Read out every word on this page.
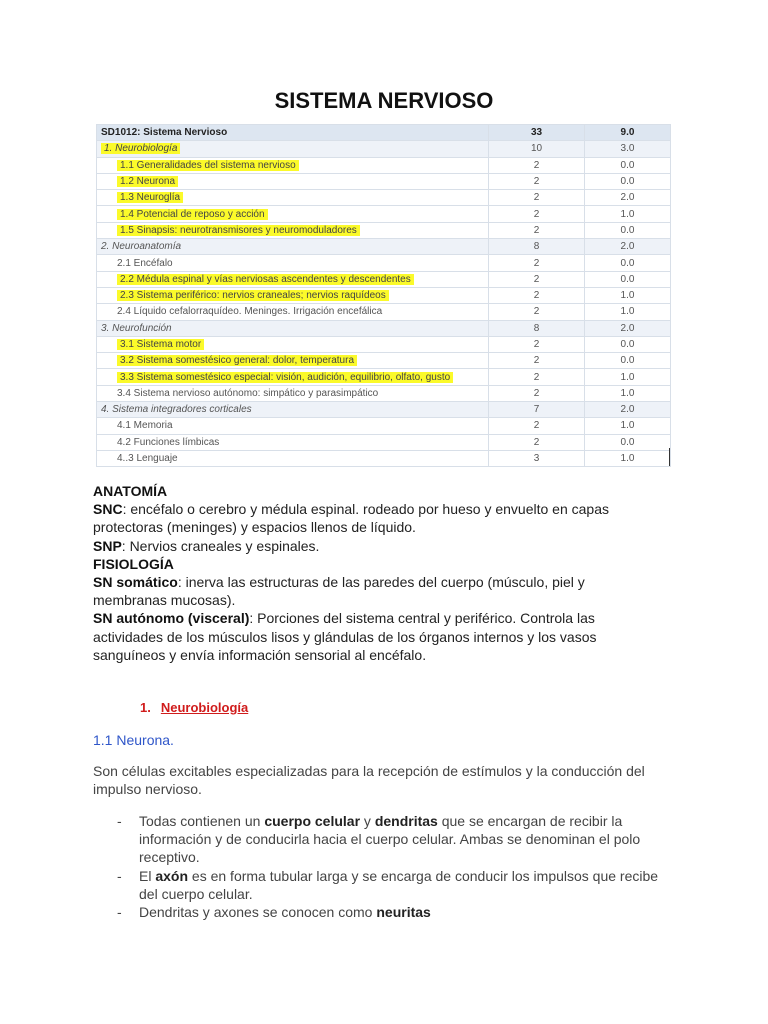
SISTEMA NERVIOSO
SD1012: Sistema Nervioso	33	9.0
1. Neurobiología	10	3.0
1.1 Generalidades del sistema nervioso	2	0.0
1.2 Neurona	2	0.0
1.3 Neuroglía	2	2.0
1.4 Potencial de reposo y acción	2	1.0
1.5 Sinapsis: neurotransmisores y neuromoduladores	2	0.0
2. Neuroanatomía	8	2.0
2.1 Encéfalo	2	0.0
2.2 Médula espinal y vías nerviosas ascendentes y descendentes	2	0.0
2.3 Sistema periférico: nervios craneales; nervios raquídeos	2	1.0
2.4 Líquido cefalorraquídeo. Meninges. Irrigación encefálica	2	1.0
3. Neurofunción	8	2.0
3.1 Sistema motor	2	0.0
3.2 Sistema somestésico general: dolor, temperatura	2	0.0
3.3 Sistema somestésico especial: visión, audición, equilibrio, olfato, gusto	2	1.0
3.4 Sistema nervioso autónomo: simpático y parasimpático	2	1.0
4. Sistema integradores corticales	7	2.0
4.1 Memoria	2	1.0
4.2 Funciones límbicas	2	0.0
4..3 Lenguaje	3	1.0
ANATOMÍA
SNC: encéfalo o cerebro y médula espinal. rodeado por hueso y envuelto en capas protectoras (meninges) y espacios llenos de líquido.
SNP: Nervios craneales y espinales.
FISIOLOGÍA
SN somático: inerva las estructuras de las paredes del cuerpo (músculo, piel y membranas mucosas).
SN autónomo (visceral): Porciones del sistema central y periférico. Controla las actividades de los músculos lisos y glándulas de los órganos internos y los vasos sanguíneos y envía información sensorial al encéfalo.
1. Neurobiología
1.1 Neurona.
Son células excitables especializadas para la recepción de estímulos y la conducción del impulso nervioso.
- Todas contienen un cuerpo celular y dendritas que se encargan de recibir la información y de conducirla hacia el cuerpo celular. Ambas se denominan el polo receptivo.
- El axón es en forma tubular larga y se encarga de conducir los impulsos que recibe del cuerpo celular.
- Dendritas y axones se conocen como neuritas
